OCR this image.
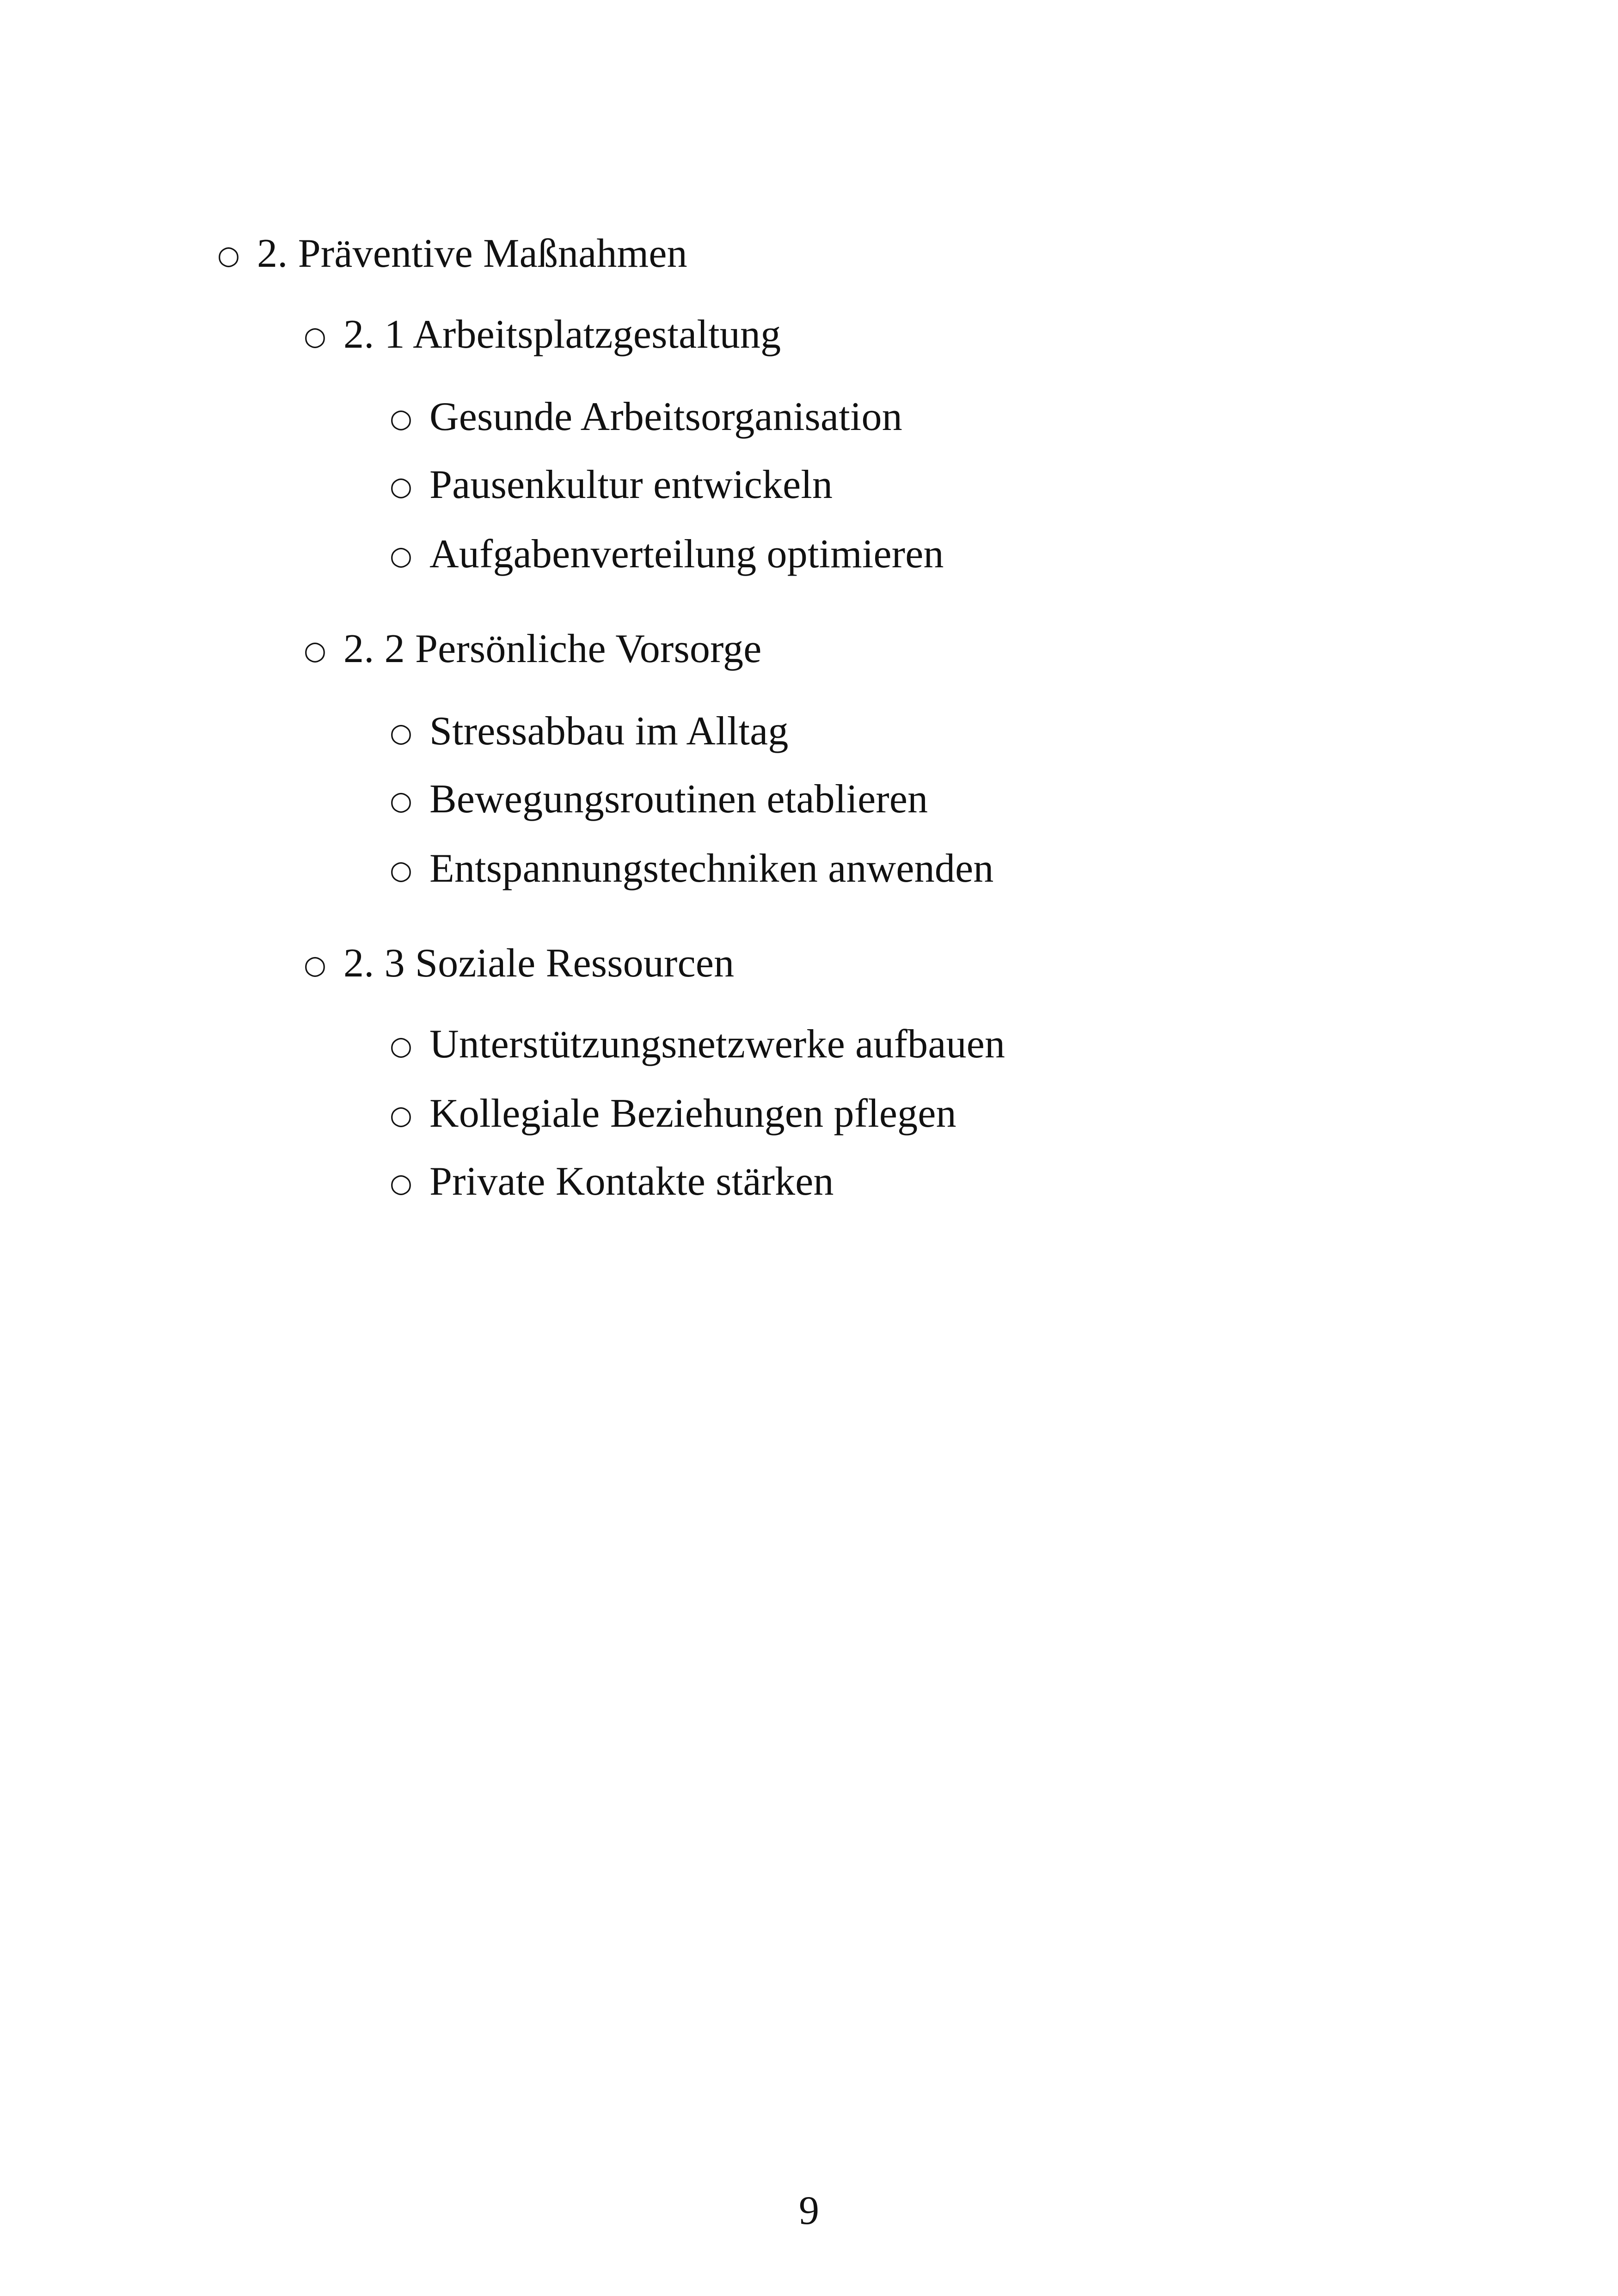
○ 2. Präventive Maßnahmen
○ 2. 1 Arbeitsplatzgestaltung
○ Gesunde Arbeitsorganisation
○ Pausenkultur entwickeln
○ Aufgabenverteilung optimieren
○ 2. 2 Persönliche Vorsorge
○ Stressabbau im Alltag
○ Bewegungsroutinen etablieren
○ Entspannungstechniken anwenden
○ 2. 3 Soziale Ressourcen
○ Unterstützungsnetzwerke aufbauen
○ Kollegiale Beziehungen pflegen
○ Private Kontakte stärken
9
